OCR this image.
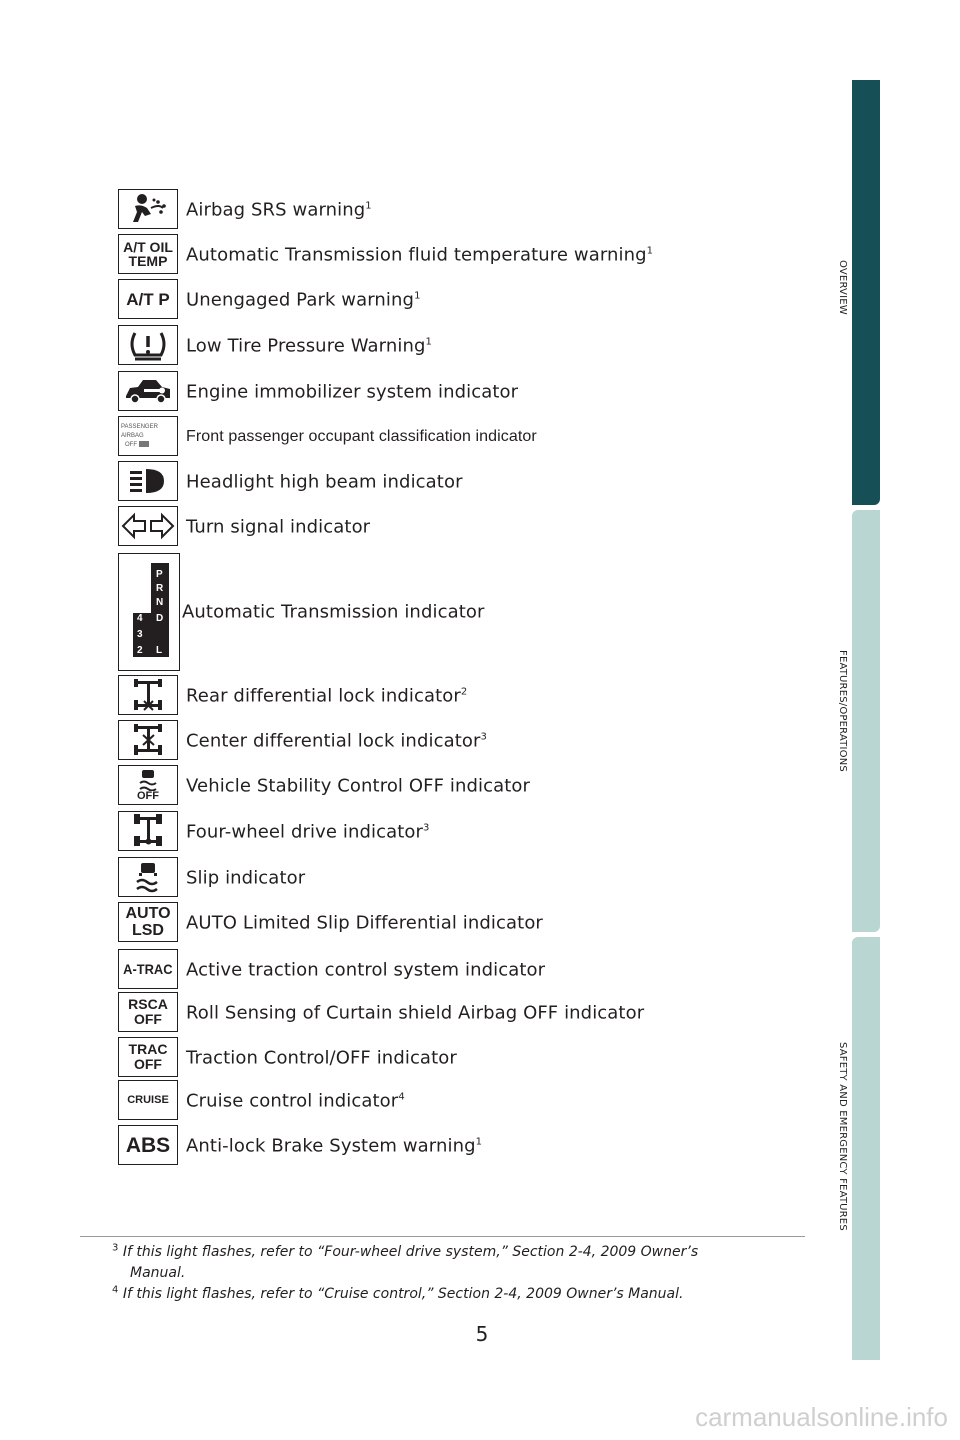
OVERVIEW
FEATURES/OPERATIONS
SAFETY AND EMERGENCY FEATURES
Airbag SRS warning$^1$
A/T OIL
TEMP	Automatic Transmission fluid temperature warning$^1$
A/T P Unengaged Park warning$^1$
Low Tire Pressure Warning$^1$
Engine immobilizer system indicator
PASSENGER
AIRBAG
OFF	Front passenger occupant classification indicator
Headlight high beam indicator
Turn signal indicator
P
R
N
D
4
3
2 L
Automatic Transmission indicator
Rear differential lock indicator$^2$
Center differential lock indicator$^3$
OFF Vehicle Stability Control OFF indicator
Four-wheel drive indicator$^3$
Slip indicator
AUTO
LSD	AUTO Limited Slip Differential indicator
A-TRAC Active traction control system indicator
RSCA
OFF	Roll Sensing of Curtain shield Airbag OFF indicator
TRAC
OFF	Traction Control/OFF indicator
CRUISE Cruise control indicator$^4$
ABS Anti-lock Brake System warning$^1$
$^3$ If this light flashes, refer to “Four-wheel drive system,” Section 2-4, 2009 Owner’s
Manual.
$^4$ If this light flashes, refer to “Cruise control,” Section 2-4, 2009 Owner’s Manual.
5
carmanualsonline.info
